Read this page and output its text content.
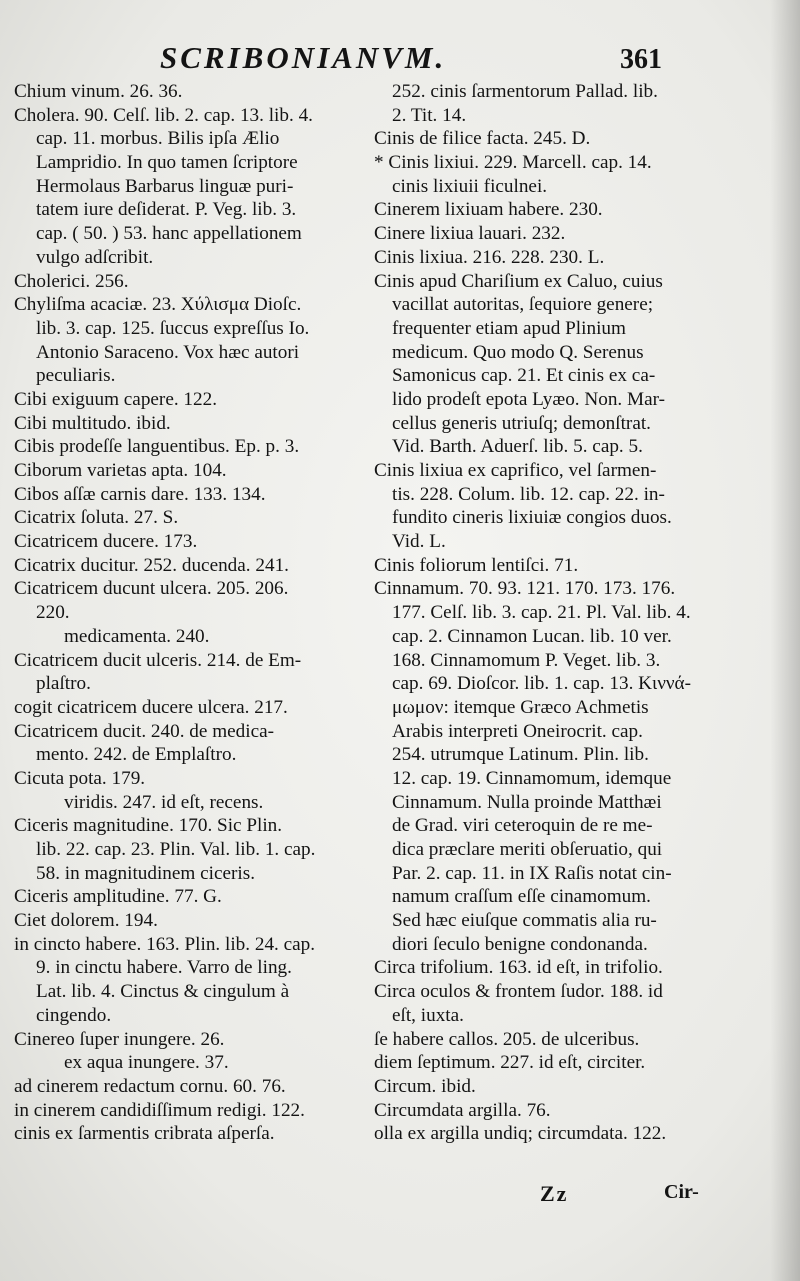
SCRIBONIANVM.	361
Chium vinum. 26. 36.
Cholera. 90. Celſ. lib. 2. cap. 13. lib. 4.
cap. 11. morbus. Bilis ipſa Ælio
Lampridio. In quo tamen ſcriptore
Hermolaus Barbarus linguæ puri-
tatem iure deſiderat. P. Veg. lib. 3.
cap. ( 50. ) 53. hanc appellationem
vulgo adſcribit.
Cholerici. 256.
Chyliſma acaciæ. 23. Χύλισμα Dioſc.
lib. 3. cap. 125. ſuccus expreſſus Io.
Antonio Saraceno. Vox hæc autori
peculiaris.
Cibi exiguum capere. 122.
Cibi multitudo. ibid.
Cibis prodeſſe languentibus. Ep. p. 3.
Ciborum varietas apta. 104.
Cibos aſſæ carnis dare. 133. 134.
Cicatrix ſoluta. 27. S.
Cicatricem ducere. 173.
Cicatrix ducitur. 252. ducenda. 241.
Cicatricem ducunt ulcera. 205. 206.
220.
medicamenta. 240.
Cicatricem ducit ulceris. 214. de Em-
plaſtro.
cogit cicatricem ducere ulcera. 217.
Cicatricem ducit. 240. de medica-
mento. 242. de Emplaſtro.
Cicuta pota. 179.
viridis. 247. id eſt, recens.
Ciceris magnitudine. 170. Sic Plin.
lib. 22. cap. 23. Plin. Val. lib. 1. cap.
58. in magnitudinem ciceris.
Ciceris amplitudine. 77. G.
Ciet dolorem. 194.
in cincto habere. 163. Plin. lib. 24. cap.
9. in cinctu habere. Varro de ling.
Lat. lib. 4. Cinctus & cingulum à
cingendo.
Cinereo ſuper inungere. 26.
ex aqua inungere. 37.
ad cinerem redactum cornu. 60. 76.
in cinerem candidiſſimum redigi. 122.
cinis ex ſarmentis cribrata aſperſa.
252. cinis ſarmentorum Pallad. lib.
2. Tit. 14.
Cinis de filice facta. 245. D.
* Cinis lixiui. 229. Marcell. cap. 14.
cinis lixiuii ficulnei.
Cinerem lixiuam habere. 230.
Cinere lixiua lauari. 232.
Cinis lixiua. 216. 228. 230. L.
Cinis apud Chariſium ex Caluo, cuius
vacillat autoritas, ſequiore genere;
frequenter etiam apud Plinium
medicum. Quo modo Q. Serenus
Samonicus cap. 21. Et cinis ex ca-
lido prodeſt epota Lyæo. Non. Mar-
cellus generis utriuſq; demonſtrat.
Vid. Barth. Aduerſ. lib. 5. cap. 5.
Cinis lixiua ex caprifico, vel ſarmen-
tis. 228. Colum. lib. 12. cap. 22. in-
fundito cineris lixiuiæ congios duos.
Vid. L.
Cinis foliorum lentiſci. 71.
Cinnamum. 70. 93. 121. 170. 173. 176.
177. Celſ. lib. 3. cap. 21. Pl. Val. lib. 4.
cap. 2. Cinnamon Lucan. lib. 10 ver.
168. Cinnamomum P. Veget. lib. 3.
cap. 69. Dioſcor. lib. 1. cap. 13. Κιννά-
μωμον: itemque Græco Achmetis
Arabis interpreti Oneirocrit. cap.
254. utrumque Latinum. Plin. lib.
12. cap. 19. Cinnamomum, idemque
Cinnamum. Nulla proinde Matthæi
de Grad. viri ceteroquin de re me-
dica præclare meriti obſeruatio, qui
Par. 2. cap. 11. in IX Raſis notat cin-
namum craſſum eſſe cinamomum.
Sed hæc eiuſque commatis alia ru-
diori ſeculo benigne condonanda.
Circa trifolium. 163. id eſt, in trifolio.
Circa oculos & frontem ſudor. 188. id
eſt, iuxta.
ſe habere callos. 205. de ulceribus.
diem ſeptimum. 227. id eſt, circiter.
Circum. ibid.
Circumdata argilla. 76.
olla ex argilla undiq; circumdata. 122.
Zz	Cir-
